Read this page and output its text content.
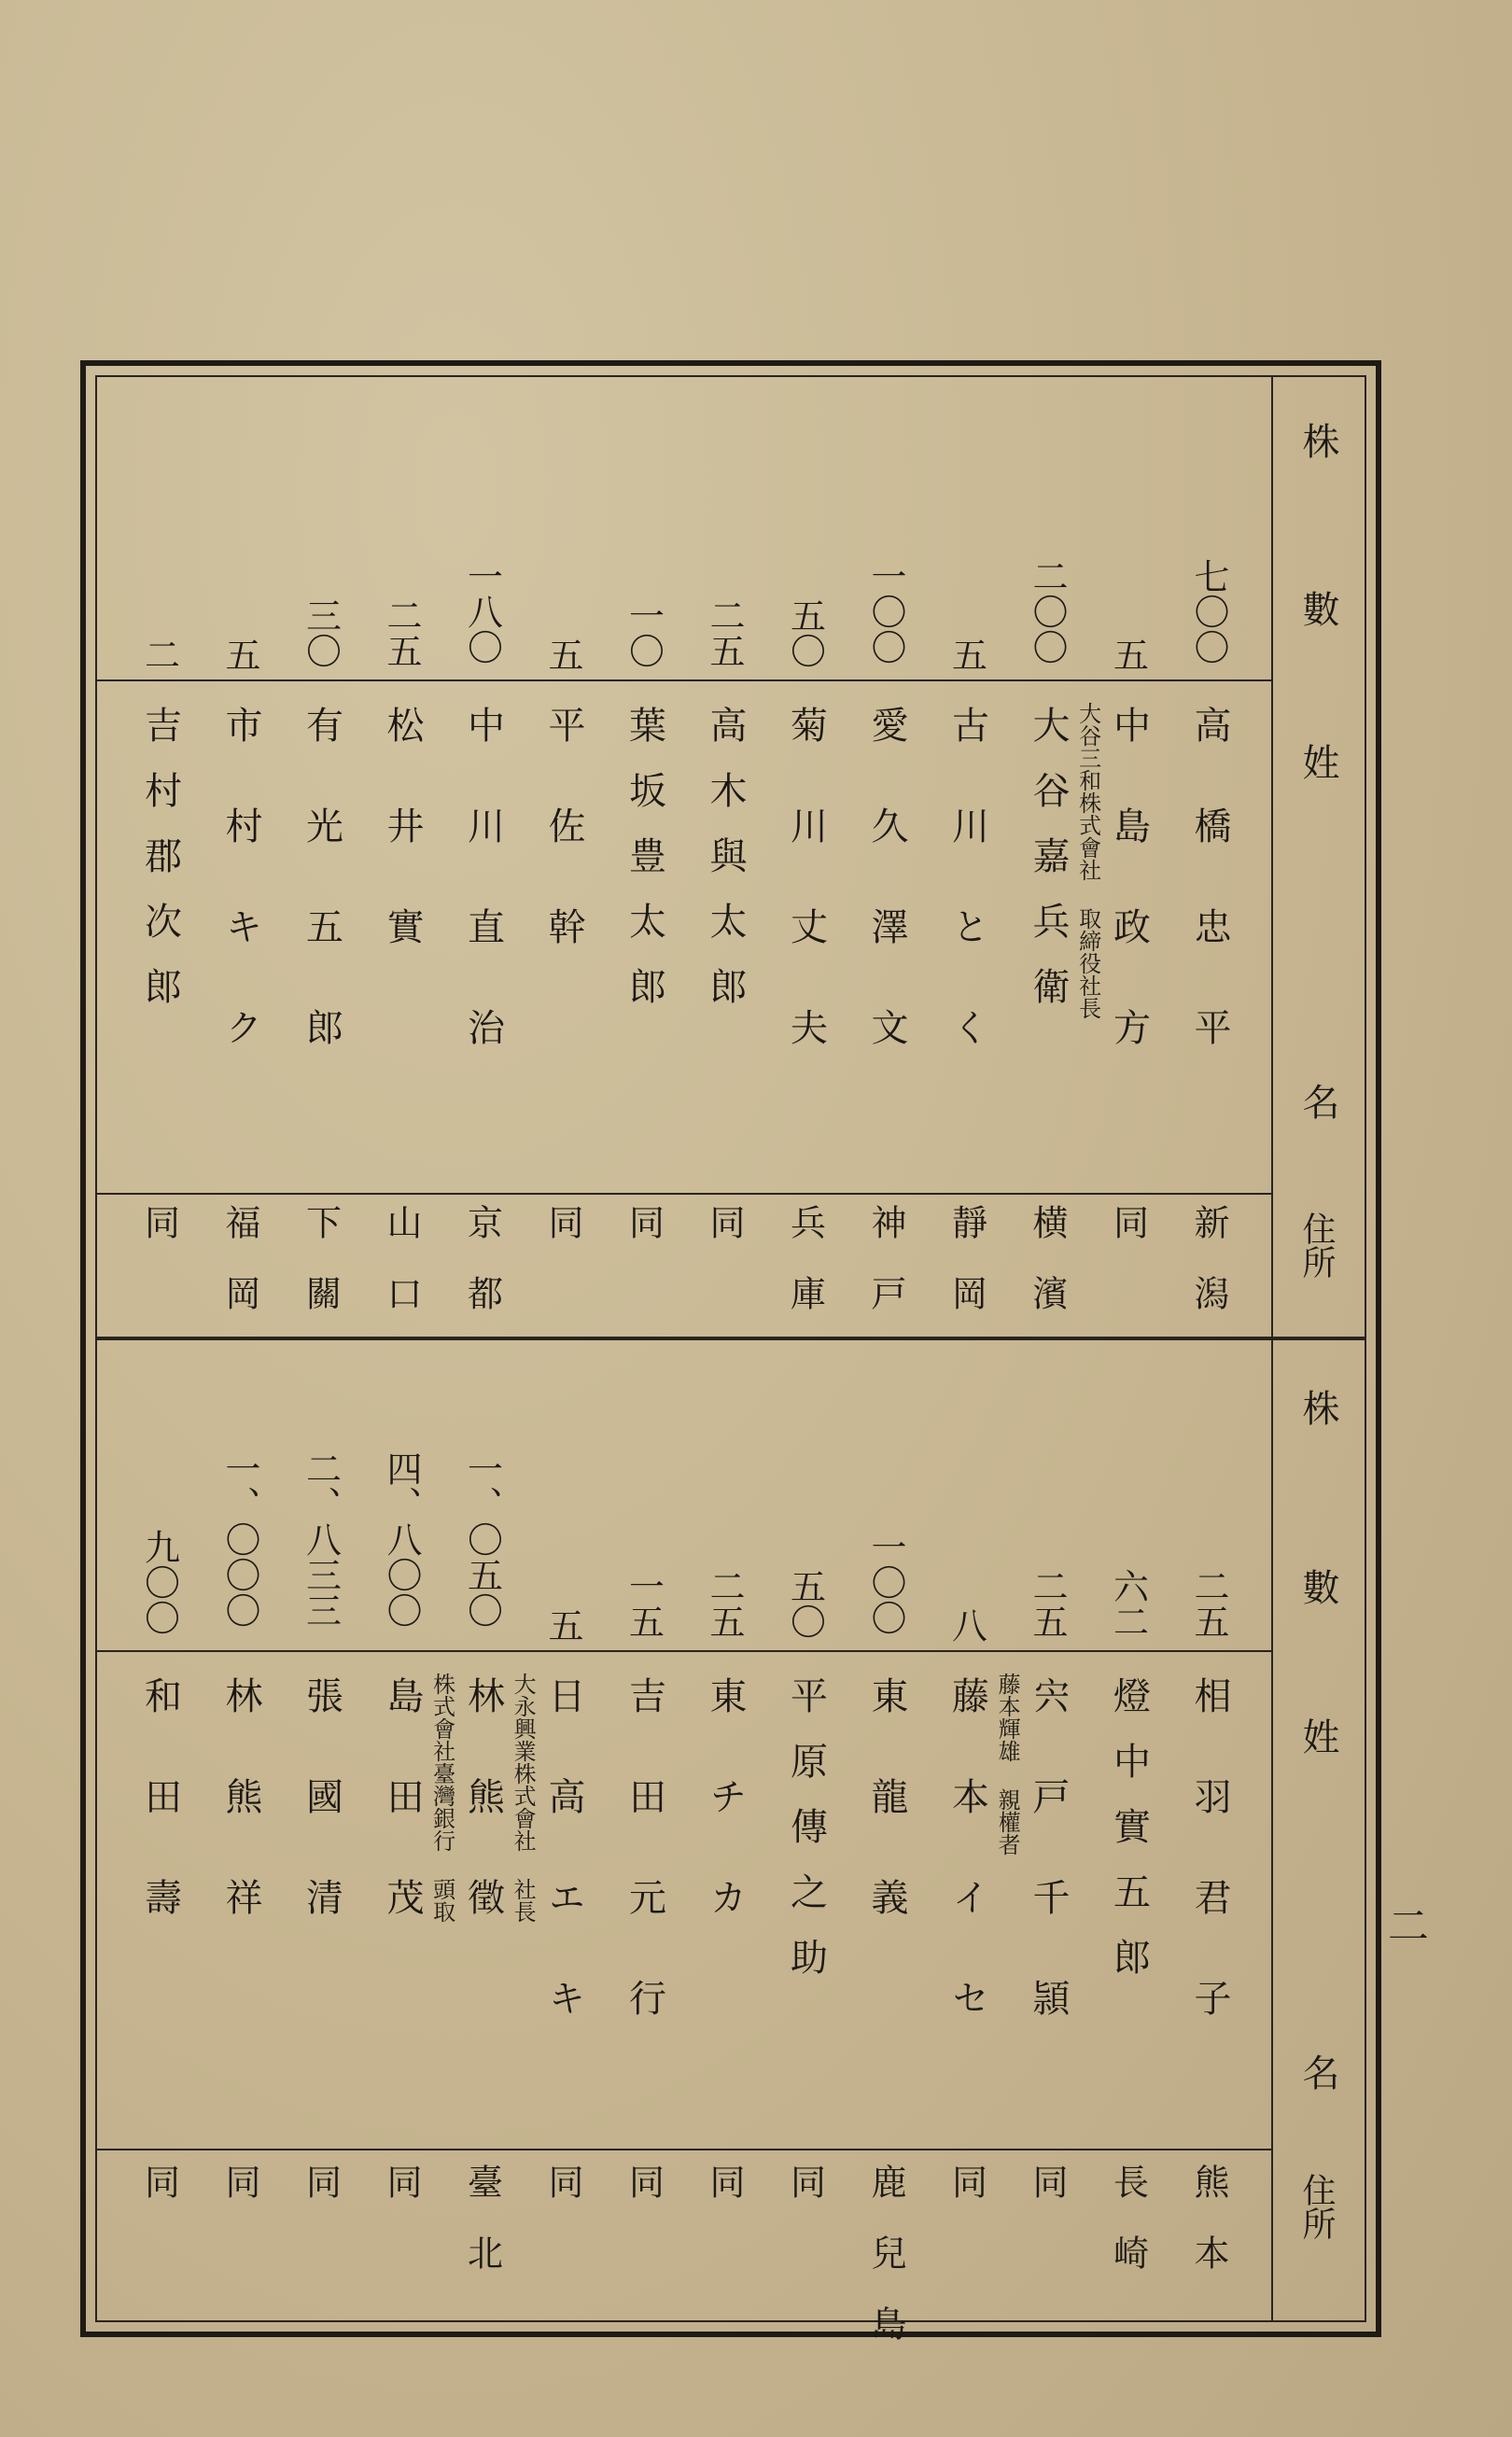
株
數
姓
名
住所
株
數
姓
名
住所
二
七〇〇
高橋忠平
新潟
五
中島政方
同
二〇〇
大谷嘉兵衛 大谷三和株式會社 取締役社長
横濱
五
古川とく
靜岡
一〇〇
愛久澤文
神戸
五〇
菊川丈夫
兵庫
二五
高木與太郎
同
一〇
葉坂豊太郎
同
五
平佐幹
同
一八〇
中川直治
京都
二五
松井實
山口
三〇
有光五郎
下關
五
市村キク
福岡
二
吉村郡次郎
同
二五
相羽君子
熊本
六二
燈中實五郎
長崎
二五
宍戸千頴
同
八
藤本イセ 藤本輝雄 親權者
同
一〇〇
東龍義
鹿兒島
五〇
平原傳之助
同
二五
東チカ
同
一五
吉田元行
同
五
日高エキ
同
一、〇五〇
林熊徵 大永興業株式會社 社長
臺北
四、八〇〇
島田茂 株式會社臺灣銀行 頭取
同
二、八三三
張國清
同
一、〇〇〇
林熊祥
同
九〇〇
和田壽
同
